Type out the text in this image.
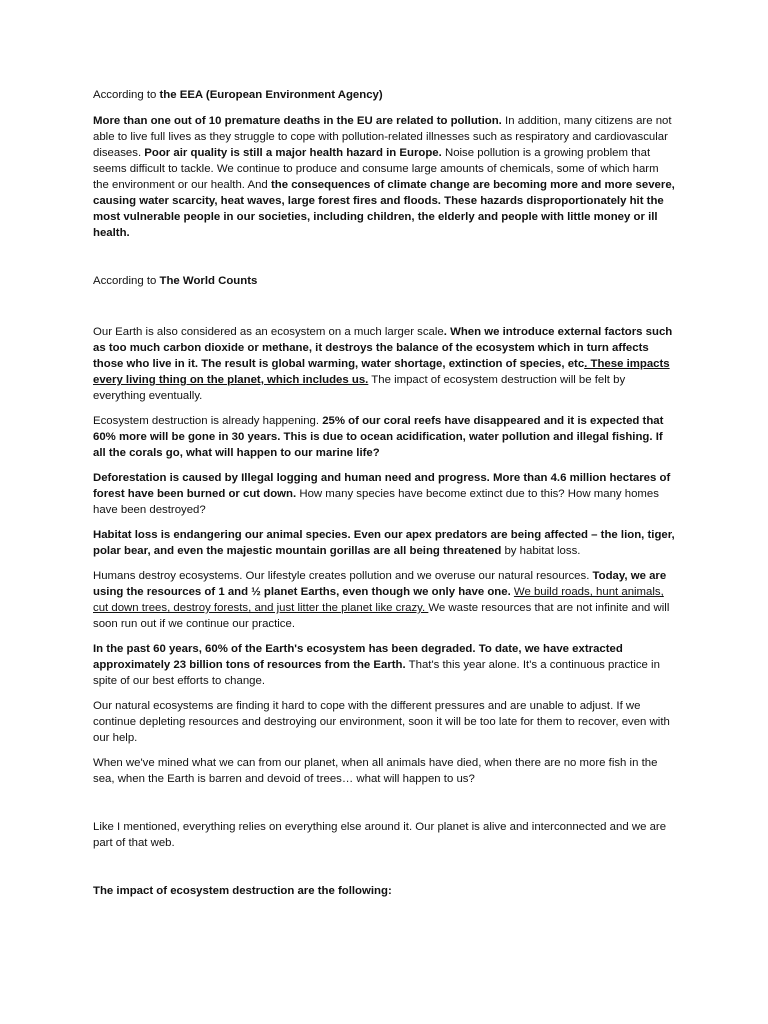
According to the EEA (European Environment Agency)

More than one out of 10 premature deaths in the EU are related to pollution. In addition, many citizens are not able to live full lives as they struggle to cope with pollution-related illnesses such as respiratory and cardiovascular diseases. Poor air quality is still a major health hazard in Europe. Noise pollution is a growing problem that seems difficult to tackle. We continue to produce and consume large amounts of chemicals, some of which harm the environment or our health. And the consequences of climate change are becoming more and more severe, causing water scarcity, heat waves, large forest fires and floods. These hazards disproportionately hit the most vulnerable people in our societies, including children, the elderly and people with little money or ill health.

According to The World Counts

Our Earth is also considered as an ecosystem on a much larger scale. When we introduce external factors such as too much carbon dioxide or methane, it destroys the balance of the ecosystem which in turn affects those who live in it. The result is global warming, water shortage, extinction of species, etc. These impacts every living thing on the planet, which includes us. The impact of ecosystem destruction will be felt by everything eventually.

Ecosystem destruction is already happening. 25% of our coral reefs have disappeared and it is expected that 60% more will be gone in 30 years. This is due to ocean acidification, water pollution and illegal fishing. If all the corals go, what will happen to our marine life?

Deforestation is caused by Illegal logging and human need and progress. More than 4.6 million hectares of forest have been burned or cut down. How many species have become extinct due to this? How many homes have been destroyed?

Habitat loss is endangering our animal species. Even our apex predators are being affected – the lion, tiger, polar bear, and even the majestic mountain gorillas are all being threatened by habitat loss.

Humans destroy ecosystems. Our lifestyle creates pollution and we overuse our natural resources. Today, we are using the resources of 1 and ½ planet Earths, even though we only have one. We build roads, hunt animals, cut down trees, destroy forests, and just litter the planet like crazy. We waste resources that are not infinite and will soon run out if we continue our practice.

In the past 60 years, 60% of the Earth's ecosystem has been degraded. To date, we have extracted approximately 23 billion tons of resources from the Earth. That's this year alone. It's a continuous practice in spite of our best efforts to change.

Our natural ecosystems are finding it hard to cope with the different pressures and are unable to adjust. If we continue depleting resources and destroying our environment, soon it will be too late for them to recover, even with our help.

When we've mined what we can from our planet, when all animals have died, when there are no more fish in the sea, when the Earth is barren and devoid of trees… what will happen to us?

Like I mentioned, everything relies on everything else around it. Our planet is alive and interconnected and we are part of that web.

The impact of ecosystem destruction are the following:
